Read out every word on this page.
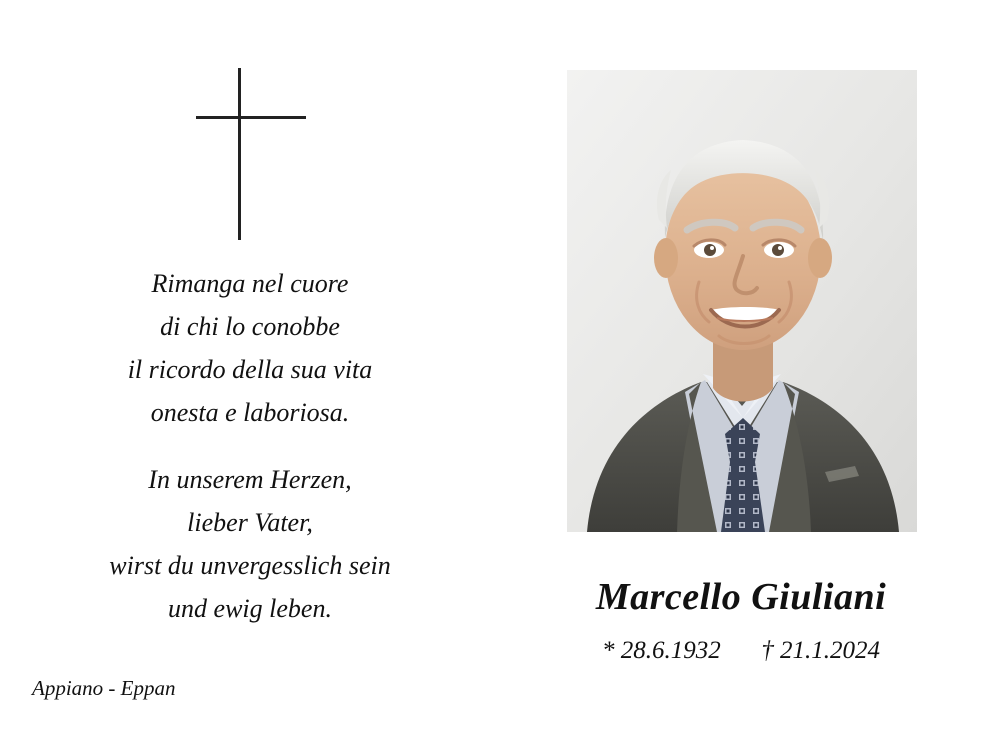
Rimanga nel cuore
di chi lo conobbe
il ricordo della sua vita
onesta e laboriosa.
In unserem Herzen,
lieber Vater,
wirst du unvergesslich sein
und ewig leben.
Appiano - Eppan
Marcello Giuliani
* 28.6.1932 † 21.1.2024
